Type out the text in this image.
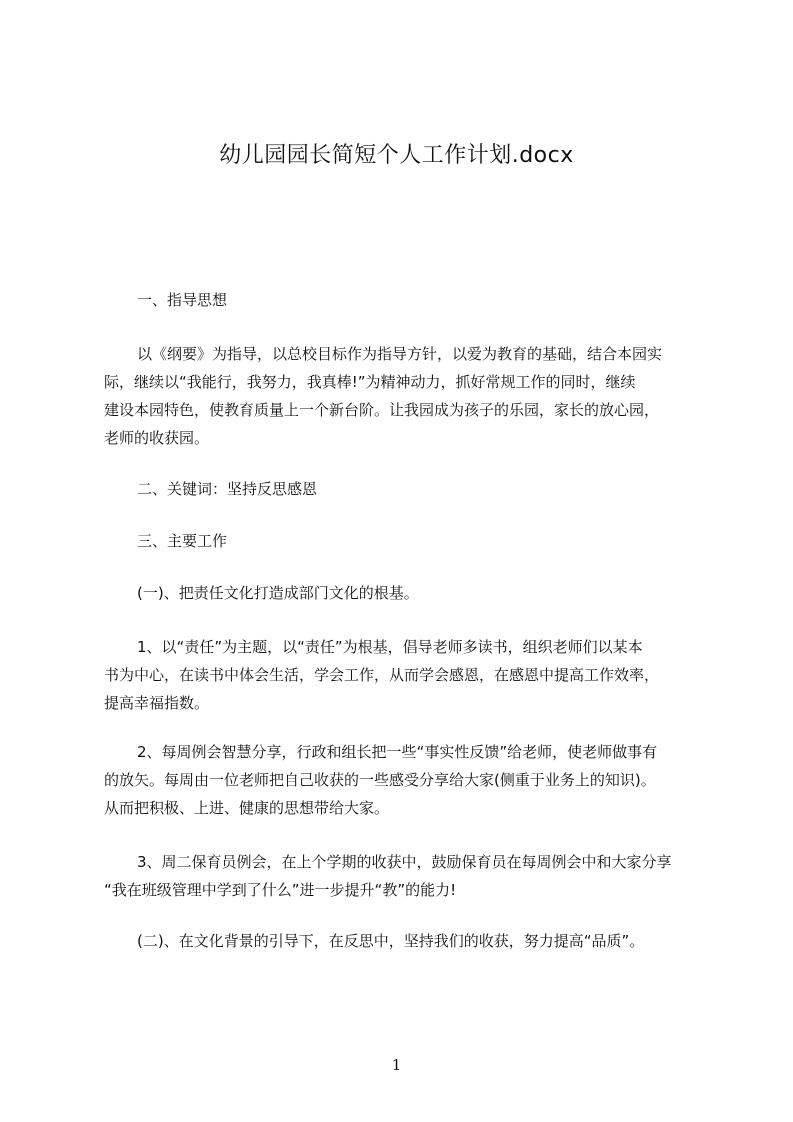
幼儿园园长简短个人工作计划.docx
一、指导思想
以《纲要》为指导，以总校目标作为指导方针，以爱为教育的基础，结合本园实
际，继续以“我能行，我努力，我真棒!”为精神动力，抓好常规工作的同时，继续
建设本园特色，使教育质量上一个新台阶。让我园成为孩子的乐园，家长的放心园，
老师的收获园。
二、关键词：坚持反思感恩
三、主要工作
(一)、把责任文化打造成部门文化的根基。
1、以“责任”为主题，以“责任”为根基，倡导老师多读书，组织老师们以某本
书为中心，在读书中体会生活，学会工作，从而学会感恩，在感恩中提高工作效率，
提高幸福指数。
2、每周例会智慧分享，行政和组长把一些“事实性反馈”给老师，使老师做事有
的放矢。每周由一位老师把自己收获的一些感受分享给大家(侧重于业务上的知识)。
从而把积极、上进、健康的思想带给大家。
3、周二保育员例会，在上个学期的收获中，鼓励保育员在每周例会中和大家分享
“我在班级管理中学到了什么”进一步提升“教”的能力!
(二)、在文化背景的引导下，在反思中，坚持我们的收获，努力提高“品质”。
1
